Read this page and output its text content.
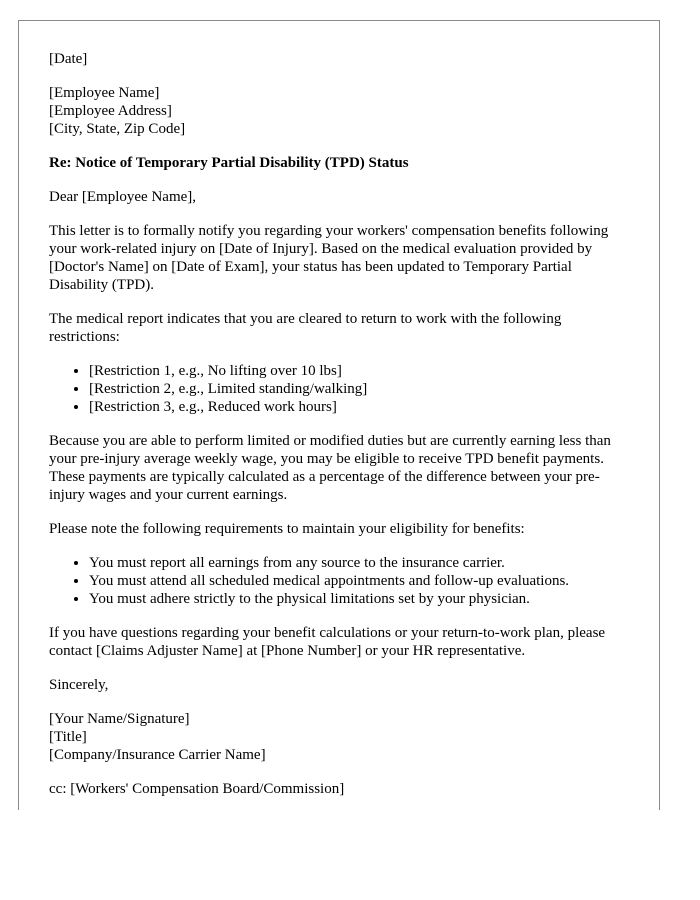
[Date]

[Employee Name]
[Employee Address]
[City, State, Zip Code]

Re: Notice of Temporary Partial Disability (TPD) Status

Dear [Employee Name],

This letter is to formally notify you regarding your workers' compensation benefits following your work-related injury on [Date of Injury]. Based on the medical evaluation provided by [Doctor's Name] on [Date of Exam], your status has been updated to Temporary Partial Disability (TPD).

The medical report indicates that you are cleared to return to work with the following restrictions:

• [Restriction 1, e.g., No lifting over 10 lbs]
• [Restriction 2, e.g., Limited standing/walking]
• [Restriction 3, e.g., Reduced work hours]

Because you are able to perform limited or modified duties but are currently earning less than your pre-injury average weekly wage, you may be eligible to receive TPD benefit payments. These payments are typically calculated as a percentage of the difference between your pre-injury wages and your current earnings.

Please note the following requirements to maintain your eligibility for benefits:

• You must report all earnings from any source to the insurance carrier.
• You must attend all scheduled medical appointments and follow-up evaluations.
• You must adhere strictly to the physical limitations set by your physician.

If you have questions regarding your benefit calculations or your return-to-work plan, please contact [Claims Adjuster Name] at [Phone Number] or your HR representative.

Sincerely,

[Your Name/Signature]
[Title]
[Company/Insurance Carrier Name]

cc: [Workers' Compensation Board/Commission]
